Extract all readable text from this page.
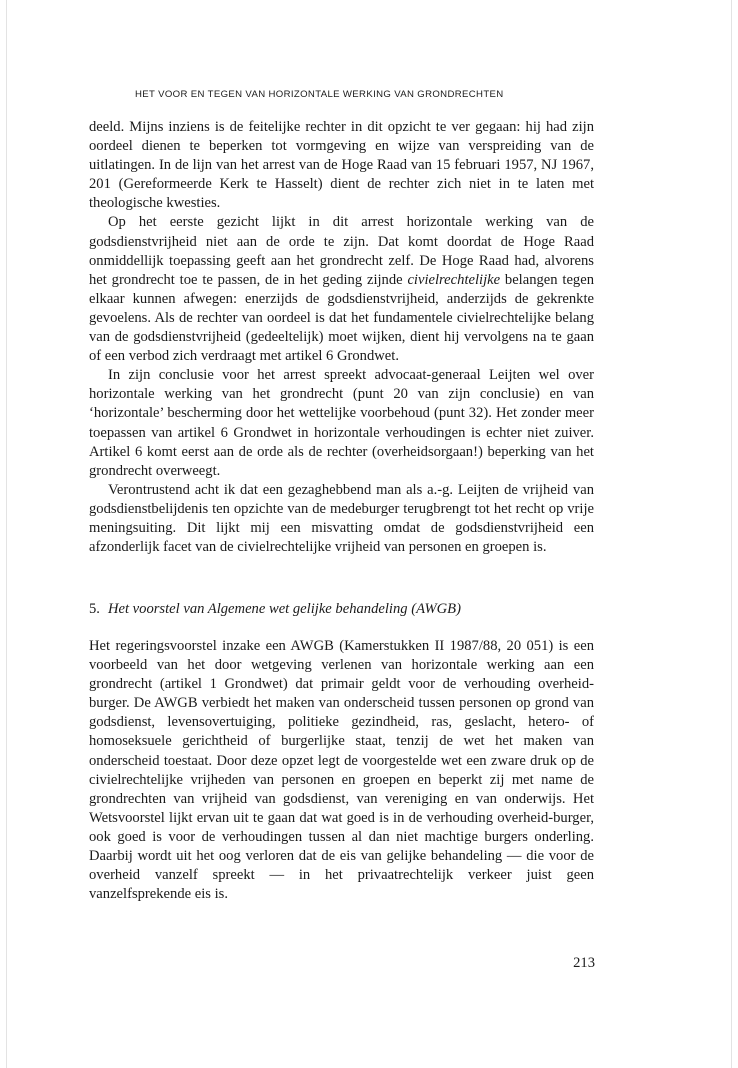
HET VOOR EN TEGEN VAN HORIZONTALE WERKING VAN GRONDRECHTEN

deeld. Mijns inziens is de feitelijke rechter in dit opzicht te ver gegaan: hij had zijn oordeel dienen te beperken tot vormgeving en wijze van verspreiding van de uitlatingen. In de lijn van het arrest van de Hoge Raad van 15 februari 1957, NJ 1967, 201 (Gereformeerde Kerk te Hasselt) dient de rechter zich niet in te laten met theologische kwesties.

Op het eerste gezicht lijkt in dit arrest horizontale werking van de godsdienstvrijheid niet aan de orde te zijn. Dat komt doordat de Hoge Raad onmiddellijk toepassing geeft aan het grondrecht zelf. De Hoge Raad had, alvorens het grondrecht toe te passen, de in het geding zijnde civielrechtelijke belangen tegen elkaar kunnen afwegen: enerzijds de godsdienstvrijheid, anderzijds de gekrenkte gevoelens. Als de rechter van oordeel is dat het fundamentele civielrechtelijke belang van de godsdienstvrijheid (gedeeltelijk) moet wijken, dient hij vervolgens na te gaan of een verbod zich verdraagt met artikel 6 Grondwet.

In zijn conclusie voor het arrest spreekt advocaat-generaal Leijten wel over horizontale werking van het grondrecht (punt 20 van zijn conclusie) en van ‘horizontale’ bescherming door het wettelijke voorbehoud (punt 32). Het zonder meer toepassen van artikel 6 Grondwet in horizontale verhoudingen is echter niet zuiver. Artikel 6 komt eerst aan de orde als de rechter (overheidsorgaan!) beperking van het grondrecht overweegt.

Verontrustend acht ik dat een gezaghebbend man als a.-g. Leijten de vrijheid van godsdienstbelijdenis ten opzichte van de medeburger terugbrengt tot het recht op vrije meningsuiting. Dit lijkt mij een misvatting omdat de godsdienstvrijheid een afzonderlijk facet van de civielrechtelijke vrijheid van personen en groepen is.

5. Het voorstel van Algemene wet gelijke behandeling (AWGB)

Het regeringsvoorstel inzake een AWGB (Kamerstukken II 1987/88, 20 051) is een voorbeeld van het door wetgeving verlenen van horizontale werking aan een grondrecht (artikel 1 Grondwet) dat primair geldt voor de verhouding overheid-burger. De AWGB verbiedt het maken van onderscheid tussen personen op grond van godsdienst, levensovertuiging, politieke gezindheid, ras, geslacht, hetero- of homoseksuele gerichtheid of burgerlijke staat, tenzij de wet het maken van onderscheid toestaat. Door deze opzet legt de voorgestelde wet een zware druk op de civielrechtelijke vrijheden van personen en groepen en beperkt zij met name de grondrechten van vrijheid van godsdienst, van vereniging en van onderwijs. Het Wetsvoorstel lijkt ervan uit te gaan dat wat goed is in de verhouding overheid-burger, ook goed is voor de verhoudingen tussen al dan niet machtige burgers onderling. Daarbij wordt uit het oog verloren dat de eis van gelijke behandeling — die voor de overheid vanzelf spreekt — in het privaatrechtelijk verkeer juist geen vanzelfsprekende eis is.

213
